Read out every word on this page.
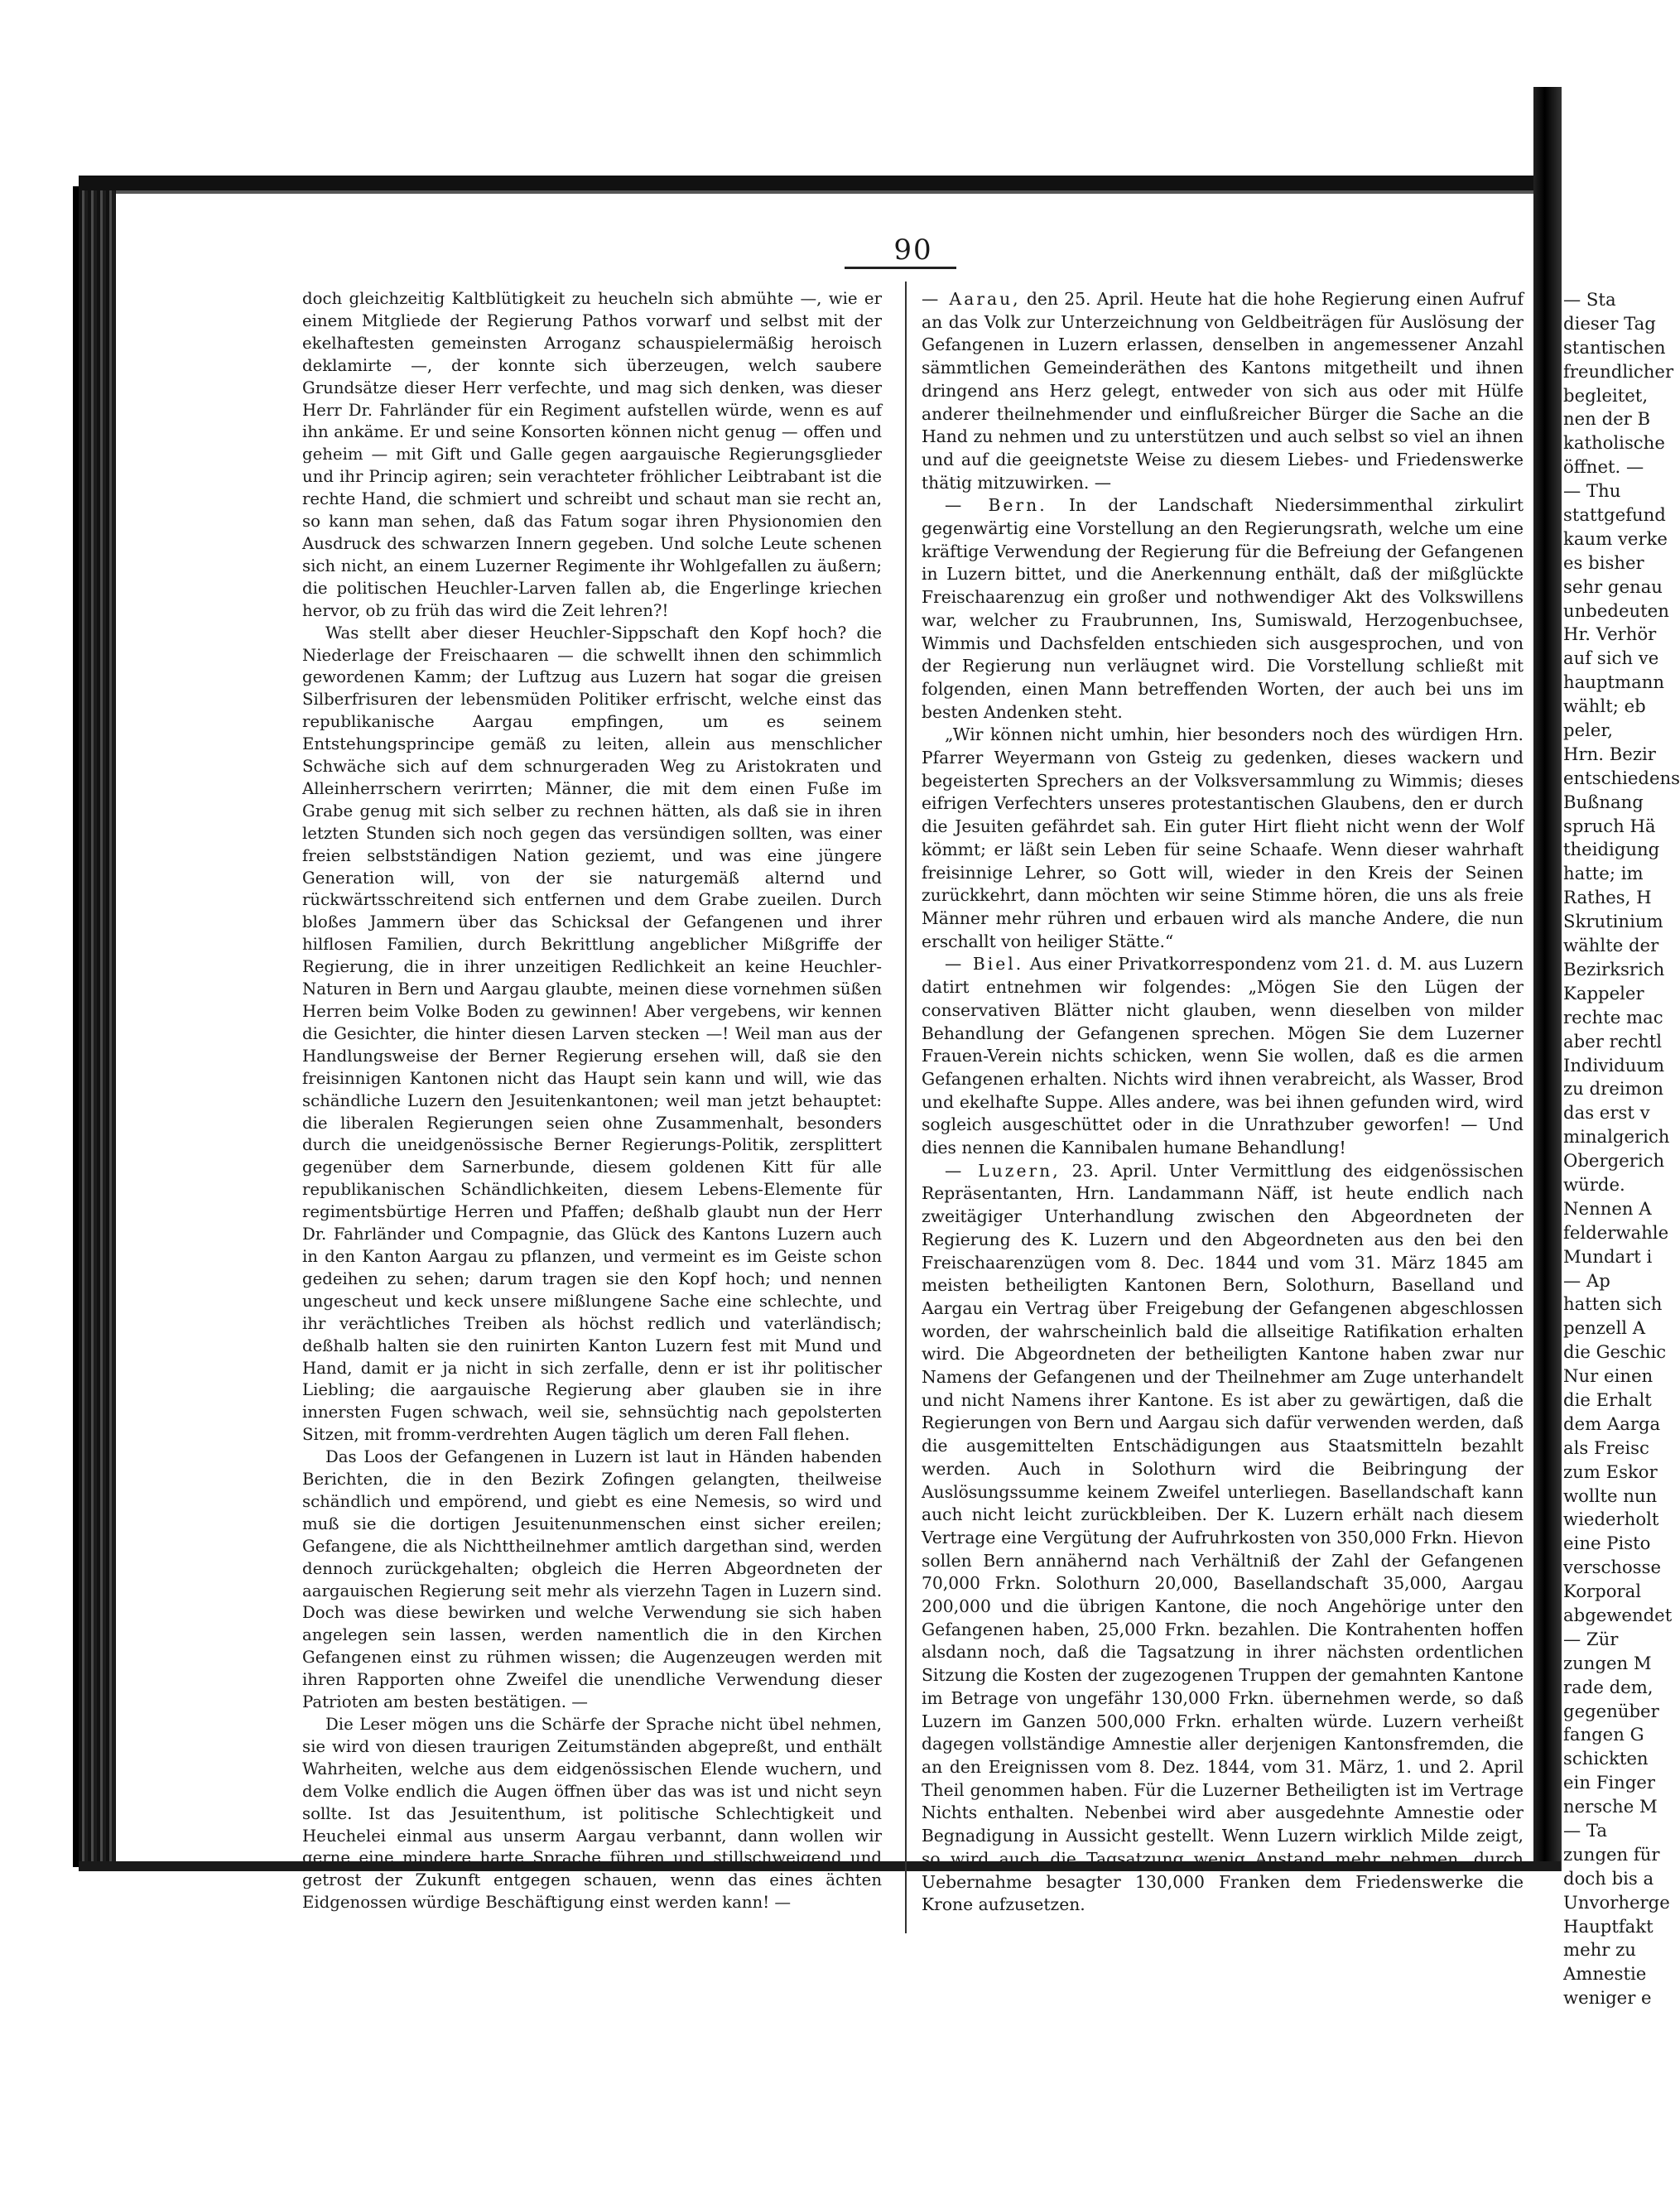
90

doch gleichzeitig Kaltblütigkeit zu heucheln sich abmühte —, wie er einem Mitgliede der Regierung Pathos vorwarf und selbst mit der ekelhaftesten gemeinsten Arroganz schauspielermäßig heroisch deklamirte —, der konnte sich überzeugen, welch saubere Grundsätze dieser Herr verfechte, und mag sich denken, was dieser Herr Dr. Fahrländer für ein Regiment aufstellen würde, wenn es auf ihn ankäme. Er und seine Konsorten können nicht genug — offen und geheim — mit Gift und Galle gegen aargauische Regierungsglieder und ihr Princip agiren; sein verachteter fröhlicher Leibtrabant ist die rechte Hand, die schmiert und schreibt und schaut man sie recht an, so kann man sehen, daß das Fatum sogar ihren Physionomien den Ausdruck des schwarzen Innern gegeben. Und solche Leute schenen sich nicht, an einem Luzerner Regimente ihr Wohlgefallen zu äußern; die politischen Heuchler-Larven fallen ab, die Engerlinge kriechen hervor, ob zu früh das wird die Zeit lehren?!

Was stellt aber dieser Heuchler-Sippschaft den Kopf hoch? die Niederlage der Freischaaren — die schwellt ihnen den schimmlich gewordenen Kamm; der Luftzug aus Luzern hat sogar die greisen Silberfrisuren der lebensmüden Politiker erfrischt, welche einst das republikanische Aargau empfingen, um es seinem Entstehungsprincipe gemäß zu leiten, allein aus menschlicher Schwäche sich auf dem schnurgeraden Weg zu Aristokraten und Alleinherrschern verirrten; Männer, die mit dem einen Fuße im Grabe genug mit sich selber zu rechnen hätten, als daß sie in ihren letzten Stunden sich noch gegen das versündigen sollten, was einer freien selbstständigen Nation geziemt, und was eine jüngere Generation will, von der sie naturgemäß alternd und rückwärtsschreitend sich entfernen und dem Grabe zueilen. Durch bloßes Jammern über das Schicksal der Gefangenen und ihrer hilflosen Familien, durch Bekrittlung angeblicher Mißgriffe der Regierung, die in ihrer unzeitigen Redlichkeit an keine Heuchler-Naturen in Bern und Aargau glaubte, meinen diese vornehmen süßen Herren beim Volke Boden zu gewinnen! Aber vergebens, wir kennen die Gesichter, die hinter diesen Larven stecken —! Weil man aus der Handlungsweise der Berner Regierung ersehen will, daß sie den freisinnigen Kantonen nicht das Haupt sein kann und will, wie das schändliche Luzern den Jesuitenkantonen; weil man jetzt behauptet: die liberalen Regierungen seien ohne Zusammenhalt, besonders durch die uneidgenössische Berner Regierungs-Politik, zersplittert gegenüber dem Sarnerbunde, diesem goldenen Kitt für alle republikanischen Schändlichkeiten, diesem Lebens-Elemente für regimentsbürtige Herren und Pfaffen; deßhalb glaubt nun der Herr Dr. Fahrländer und Compagnie, das Glück des Kantons Luzern auch in den Kanton Aargau zu pflanzen, und vermeint es im Geiste schon gedeihen zu sehen; darum tragen sie den Kopf hoch; und nennen ungescheut und keck unsere mißlungene Sache eine schlechte, und ihr verächtliches Treiben als höchst redlich und vaterländisch; deßhalb halten sie den ruinirten Kanton Luzern fest mit Mund und Hand, damit er ja nicht in sich zerfalle, denn er ist ihr politischer Liebling; die aargauische Regierung aber glauben sie in ihre innersten Fugen schwach, weil sie, sehnsüchtig nach gepolsterten Sitzen, mit fromm-verdrehten Augen täglich um deren Fall flehen.

Das Loos der Gefangenen in Luzern ist laut in Händen habenden Berichten, die in den Bezirk Zofingen gelangten, theilweise schändlich und empörend, und giebt es eine Nemesis, so wird und muß sie die dortigen Jesuitenunmenschen einst sicher ereilen; Gefangene, die als Nichttheilnehmer amtlich dargethan sind, werden dennoch zurückgehalten; obgleich die Herren Abgeordneten der aargauischen Regierung seit mehr als vierzehn Tagen in Luzern sind. Doch was diese bewirken und welche Verwendung sie sich haben angelegen sein lassen, werden namentlich die in den Kirchen Gefangenen einst zu rühmen wissen; die Augenzeugen werden mit ihren Rapporten ohne Zweifel die unendliche Verwendung dieser Patrioten am besten bestätigen. —

Die Leser mögen uns die Schärfe der Sprache nicht übel nehmen, sie wird von diesen traurigen Zeitumständen abgepreßt, und enthält Wahrheiten, welche aus dem eidgenössischen Elende wuchern, und dem Volke endlich die Augen öffnen über das was ist und nicht seyn sollte. Ist das Jesuitenthum, ist politische Schlechtigkeit und Heuchelei einmal aus unserm Aargau verbannt, dann wollen wir gerne eine mindere harte Sprache führen und stillschweigend und getrost der Zukunft entgegen schauen, wenn das eines ächten Eidgenossen würdige Beschäftigung einst werden kann! —

— Aarau, den 25. April. Heute hat die hohe Regierung einen Aufruf an das Volk zur Unterzeichnung von Geldbeiträgen für Auslösung der Gefangenen in Luzern erlassen, denselben in angemessener Anzahl sämmtlichen Gemeinderäthen des Kantons mitgetheilt und ihnen dringend ans Herz gelegt, entweder von sich aus oder mit Hülfe anderer theilnehmender und einflußreicher Bürger die Sache an die Hand zu nehmen und zu unterstützen und auch selbst so viel an ihnen und auf die geeignetste Weise zu diesem Liebes- und Friedenswerke thätig mitzuwirken. —

— Bern. In der Landschaft Niedersimmenthal zirkulirt gegenwärtig eine Vorstellung an den Regierungsrath, welche um eine kräftige Verwendung der Regierung für die Befreiung der Gefangenen in Luzern bittet, und die Anerkennung enthält, daß der mißglückte Freischaarenzug ein großer und nothwendiger Akt des Volkswillens war, welcher zu Fraubrunnen, Ins, Sumiswald, Herzogenbuchsee, Wimmis und Dachsfelden entschieden sich ausgesprochen, und von der Regierung nun verläugnet wird. Die Vorstellung schließt mit folgenden, einen Mann betreffenden Worten, der auch bei uns im besten Andenken steht.

„Wir können nicht umhin, hier besonders noch des würdigen Hrn. Pfarrer Weyermann von Gsteig zu gedenken, dieses wackern und begeisterten Sprechers an der Volksversammlung zu Wimmis; dieses eifrigen Verfechters unseres protestantischen Glaubens, den er durch die Jesuiten gefährdet sah. Ein guter Hirt flieht nicht wenn der Wolf kömmt; er läßt sein Leben für seine Schaafe. Wenn dieser wahrhaft freisinnige Lehrer, so Gott will, wieder in den Kreis der Seinen zurückkehrt, dann möchten wir seine Stimme hören, die uns als freie Männer mehr rühren und erbauen wird als manche Andere, die nun erschallt von heiliger Stätte.“

— Biel. Aus einer Privatkorrespondenz vom 21. d. M. aus Luzern datirt entnehmen wir folgendes: „Mögen Sie den Lügen der conservativen Blätter nicht glauben, wenn dieselben von milder Behandlung der Gefangenen sprechen. Mögen Sie dem Luzerner Frauen-Verein nichts schicken, wenn Sie wollen, daß es die armen Gefangenen erhalten. Nichts wird ihnen verabreicht, als Wasser, Brod und ekelhafte Suppe. Alles andere, was bei ihnen gefunden wird, wird sogleich ausgeschüttet oder in die Unrathzuber geworfen! — Und dies nennen die Kannibalen humane Behandlung!

— Luzern, 23. April. Unter Vermittlung des eidgenössischen Repräsentanten, Hrn. Landammann Näff, ist heute endlich nach zweitägiger Unterhandlung zwischen den Abgeordneten der Regierung des K. Luzern und den Abgeordneten aus den bei den Freischaarenzügen vom 8. Dec. 1844 und vom 31. März 1845 am meisten betheiligten Kantonen Bern, Solothurn, Baselland und Aargau ein Vertrag über Freigebung der Gefangenen abgeschlossen worden, der wahrscheinlich bald die allseitige Ratifikation erhalten wird. Die Abgeordneten der betheiligten Kantone haben zwar nur Namens der Gefangenen und der Theilnehmer am Zuge unterhandelt und nicht Namens ihrer Kantone. Es ist aber zu gewärtigen, daß die Regierungen von Bern und Aargau sich dafür verwenden werden, daß die ausgemittelten Entschädigungen aus Staatsmitteln bezahlt werden. Auch in Solothurn wird die Beibringung der Auslösungssumme keinem Zweifel unterliegen. Basellandschaft kann auch nicht leicht zurückbleiben. Der K. Luzern erhält nach diesem Vertrage eine Vergütung der Aufruhrkosten von 350,000 Frkn. Hievon sollen Bern annähernd nach Verhältniß der Zahl der Gefangenen 70,000 Frkn. Solothurn 20,000, Basellandschaft 35,000, Aargau 200,000 und die übrigen Kantone, die noch Angehörige unter den Gefangenen haben, 25,000 Frkn. bezahlen. Die Kontrahenten hoffen alsdann noch, daß die Tagsatzung in ihrer nächsten ordentlichen Sitzung die Kosten der zugezogenen Truppen der gemahnten Kantone im Betrage von ungefähr 130,000 Frkn. übernehmen werde, so daß Luzern im Ganzen 500,000 Frkn. erhalten würde. Luzern verheißt dagegen vollständige Amnestie aller derjenigen Kantonsfremden, die an den Ereignissen vom 8. Dez. 1844, vom 31. März, 1. und 2. April Theil genommen haben. Für die Luzerner Betheiligten ist im Vertrage Nichts enthalten. Nebenbei wird aber ausgedehnte Amnestie oder Begnadigung in Aussicht gestellt. Wenn Luzern wirklich Milde zeigt, so wird auch die Tagsatzung wenig Anstand mehr nehmen, durch Uebernahme besagter 130,000 Franken dem Friedenswerke die Krone aufzusetzen.

— Sta
dieser Tag
stantischen
freundlicher
begleitet,
nen der B
katholische
öffnet. —
— Thu
stattgefund
kaum verke
es bisher
sehr genau
unbedeuten
Hr. Verhör
auf sich ve
hauptmann
wählt; eb
peler,
Hrn. Bezir
entschiedens
Bußnang
spruch Hä
theidigung
hatte; im
Rathes, H
Skrutinium
wählte der
Bezirksrich
Kappeler
rechte mac
aber rechtl
Individuum
zu dreimon
das erst v
minalgerich
Obergerich
würde.
Nennen A
felderwahle
Mundart i
— Ap
hatten sich
penzell A
die Geschic
Nur einen
die Erhalt
dem Aarga
als Freisc
zum Eskor
wollte nun
wiederholt
eine Pisto
verschosse
Korporal
abgewendet
— Zür
zungen M
rade dem,
gegenüber
fangen G
schickten
ein Finger
nersche M
— Ta
zungen für
doch bis a
Unvorherge
Hauptfakt
mehr zu
Amnestie
weniger e
